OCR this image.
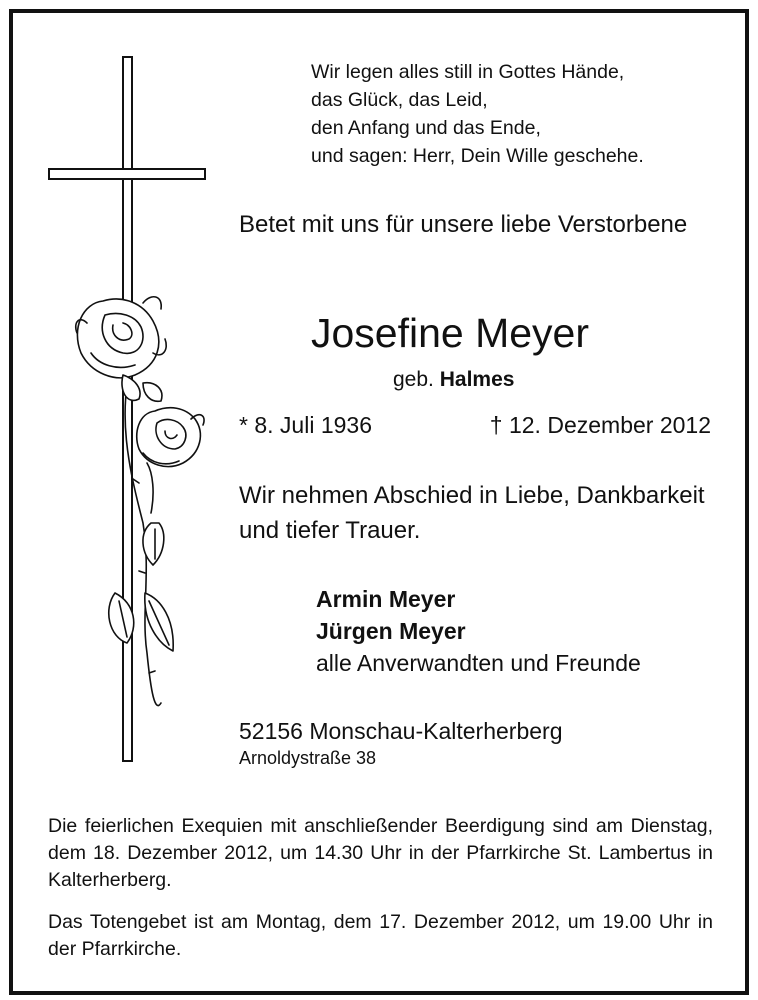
Wir legen alles still in Gottes Hände,
das Glück, das Leid,
den Anfang und das Ende,
und sagen: Herr, Dein Wille geschehe.
Betet mit uns für unsere liebe Verstorbene
Josefine Meyer
geb. Halmes
* 8. Juli 1936	† 12. Dezember 2012
Wir nehmen Abschied in Liebe, Dankbarkeit und tiefer Trauer.
Armin Meyer
Jürgen Meyer
alle Anverwandten und Freunde
52156 Monschau-Kalterherberg
Arnoldystraße 38
Die feierlichen Exequien mit anschließender Beerdigung sind am Dienstag, dem 18. Dezember 2012, um 14.30 Uhr in der Pfarrkirche St. Lambertus in Kalterherberg.
Das Totengebet ist am Montag, dem 17. Dezember 2012, um 19.00 Uhr in der Pfarrkirche.
